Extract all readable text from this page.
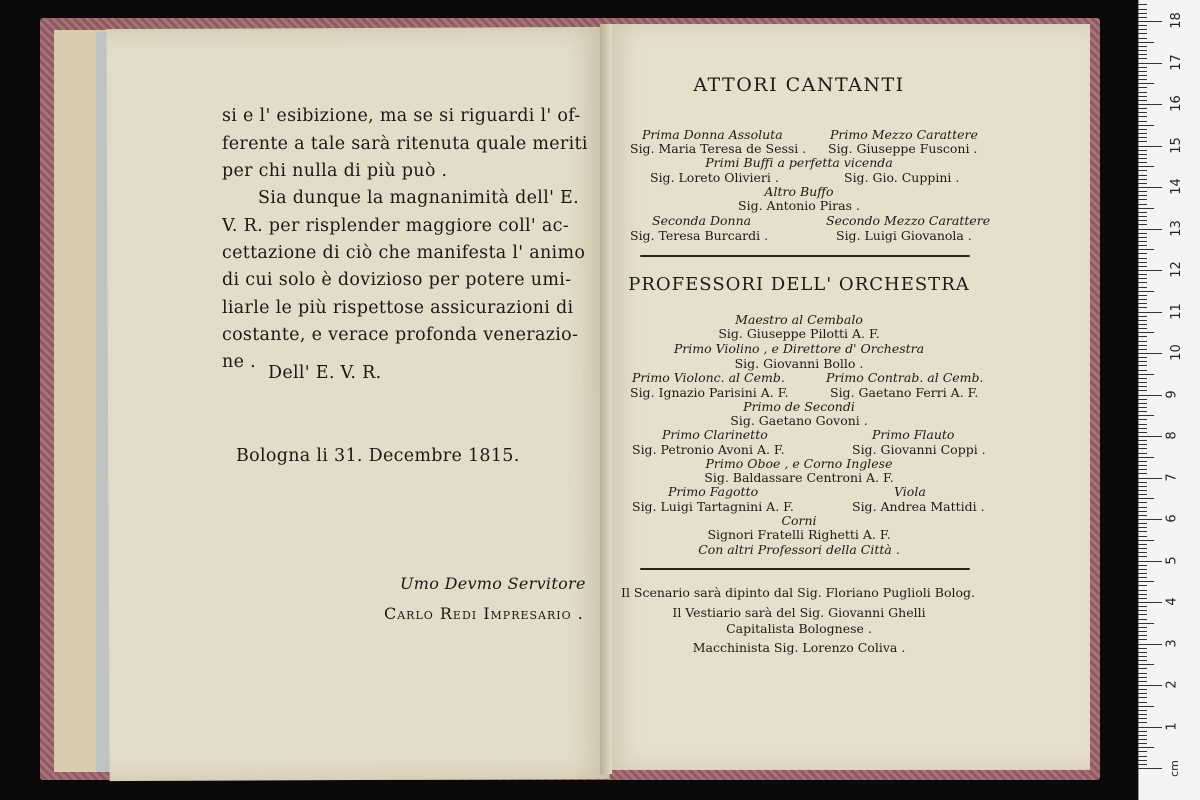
si e l' esibizione, ma se si riguardi l' of-
ferente a tale sarà ritenuta quale meriti
per chi nulla di più può .
Sia dunque la magnanimità dell' E.
V. R. per risplender maggiore coll' ac-
cettazione di ciò che manifesta l' animo
di cui solo è dovizioso per potere umi-
liarle le più rispettose assicurazioni di
costante, e verace profonda venerazio-
ne .
Dell' E. V. R.
Bologna li 31. Decembre 1815.
Umo Devmo Servitore
Carlo Redi Impresario .
ATTORI CANTANTI
Prima Donna Assoluta	Primo Mezzo Carattere
Sig. Maria Teresa de Sessi . Sig. Giuseppe Fusconi .
Primi Buffi a perfetta vicenda
Sig. Loreto Olivieri .	Sig. Gio. Cuppini .
Altro Buffo
Sig. Antonio Piras .
Seconda Donna	Secondo Mezzo Carattere
Sig. Teresa Burcardi .	Sig. Luigi Giovanola .
PROFESSORI DELL' ORCHESTRA
Maestro al Cembalo
Sig. Giuseppe Pilotti A. F.
Primo Violino , e Direttore d' Orchestra
Sig. Giovanni Bollo .
Primo Violonc. al Cemb.	Primo Contrab. al Cemb.
Sig. Ignazio Parisini A. F.	Sig. Gaetano Ferri A. F.
Primo de Secondi
Sig. Gaetano Govoni .
Primo Clarinetto	Primo Flauto
Sig. Petronio Avoni A. F.	Sig. Giovanni Coppi .
Primo Oboe , e Corno Inglese
Sig. Baldassare Centroni A. F.
Primo Fagotto	Viola
Sig. Luigi Tartagnini A. F.	Sig. Andrea Mattidi .
Corni
Signori Fratelli Righetti A. F.
Con altri Professori della Città .
Il Scenario sarà dipinto dal Sig. Floriano Puglioli Bolog.
Il Vestiario sarà del Sig. Giovanni Ghelli
Capitalista Bolognese .
Macchinista Sig. Lorenzo Coliva .
1
2
3
4
5
6
7
8
9
10
11
12
13
14
15
16
17
18
cm
